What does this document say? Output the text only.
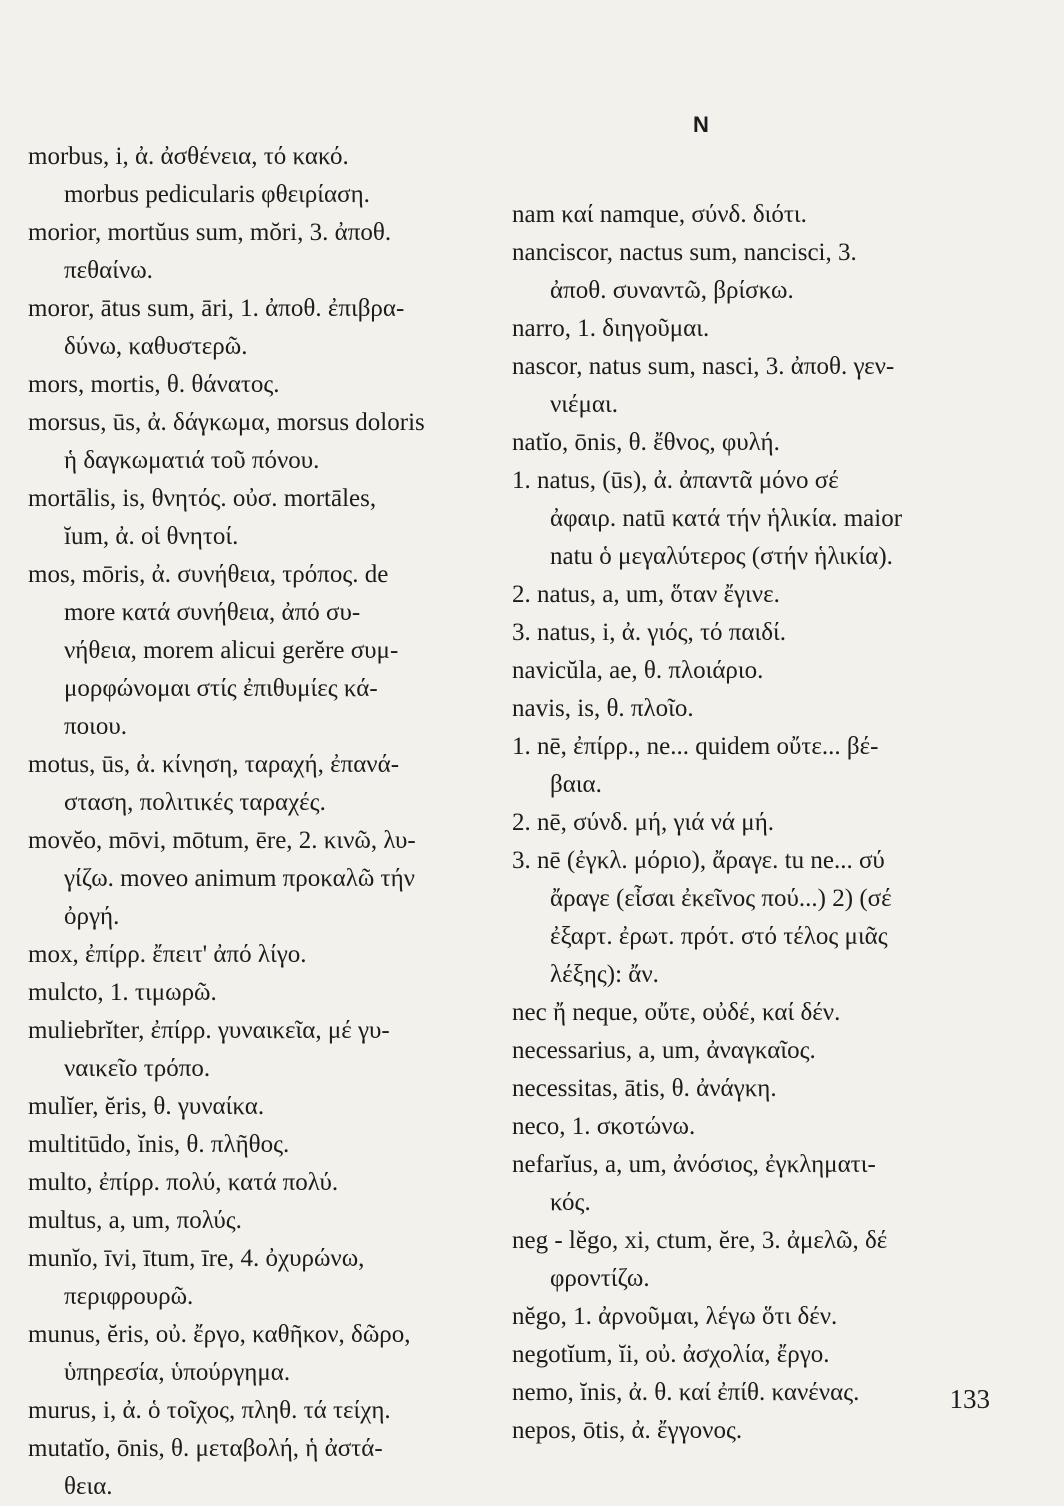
N
morbus, i, ἀ. ἀσθένεια, τό κακό.
morbus pedicularis φθειρίαση.
morior, mortŭus sum, mŏri, 3. ἀποθ.
πεθαίνω.
moror, ātus sum, āri, 1. ἀποθ. ἐπιβρα-
δύνω, καθυστερῶ.
mors, mortis, θ. θάνατος.
morsus, ūs, ἀ. δάγκωμα, morsus doloris
ἡ δαγκωματιά τοῦ πόνου.
mortālis, is, θνητός. οὐσ. mortāles,
ĭum, ἀ. οἱ θνητοί.
mos, mōris, ἀ. συνήθεια, τρόπος. de
more κατά συνήθεια, ἀπό συ-
νήθεια, morem alicui gerĕre συμ-
μορφώνομαι στίς ἐπιθυμίες κά-
ποιου.
motus, ūs, ἀ. κίνηση, ταραχή, ἐπανά-
σταση, πολιτικές ταραχές.
movĕo, mōvi, mōtum, ēre, 2. κινῶ, λυ-
γίζω. moveo animum προκαλῶ τήν
ὀργή.
mox, ἐπίρρ. ἔπειτ' ἀπό λίγο.
mulcto, 1. τιμωρῶ.
muliebrĭter, ἐπίρρ. γυναικεῖα, μέ γυ-
ναικεῖο τρόπο.
mulĭer, ĕris, θ. γυναίκα.
multitūdo, ĭnis, θ. πλῆθος.
multo, ἐπίρρ. πολύ, κατά πολύ.
multus, a, um, πολύς.
munĭo, īvi, ītum, īre, 4. ὀχυρώνω,
περιφρουρῶ.
munus, ĕris, οὐ. ἔργο, καθῆκον, δῶρο,
ὑπηρεσία, ὑπούργημα.
murus, i, ἀ. ὁ τοῖχος, πληθ. τά τείχη.
mutatĭo, ōnis, θ. μεταβολή, ἡ ἀστά-
θεια.
nam καί namque, σύνδ. διότι.
nanciscor, nactus sum, nancisci, 3.
ἀποθ. συναντῶ, βρίσκω.
narro, 1. διηγοῦμαι.
nascor, natus sum, nasci, 3. ἀποθ. γεν-
νιέμαι.
natĭo, ōnis, θ. ἔθνος, φυλή.
1. natus, (ūs), ἀ. ἀπαντᾶ μόνο σέ
ἀφαιρ. natū κατά τήν ἡλικία. maior
natu ὁ μεγαλύτερος (στήν ἡλικία).
2. natus, a, um, ὅταν ἔγινε.
3. natus, i, ἀ. γιός, τό παιδί.
navicŭla, ae, θ. πλοιάριο.
navis, is, θ. πλοῖο.
1. nē, ἐπίρρ., ne... quidem οὔτε... βέ-
βαια.
2. nē, σύνδ. μή, γιά νά μή.
3. nē (ἐγκλ. μόριο), ἄραγε. tu ne... σύ
ἄραγε (εἶσαι ἐκεῖνος πού...) 2) (σέ
ἐξαρτ. ἐρωτ. πρότ. στό τέλος μιᾶς
λέξης): ἄν.
nec ἤ neque, οὔτε, οὐδέ, καί δέν.
necessarius, a, um, ἀναγκαῖος.
necessitas, ātis, θ. ἀνάγκη.
neco, 1. σκοτώνω.
nefarĭus, a, um, ἀνόσιος, ἐγκληματι-
κός.
neg - lĕgo, xi, ctum, ĕre, 3. ἀμελῶ, δέ
φροντίζω.
nĕgo, 1. ἀρνοῦμαι, λέγω ὅτι δέν.
negotĭum, ĭi, οὐ. ἀσχολία, ἔργο.
nemo, ĭnis, ἀ. θ. καί ἐπίθ. κανένας.
nepos, ōtis, ἀ. ἔγγονος.
133
